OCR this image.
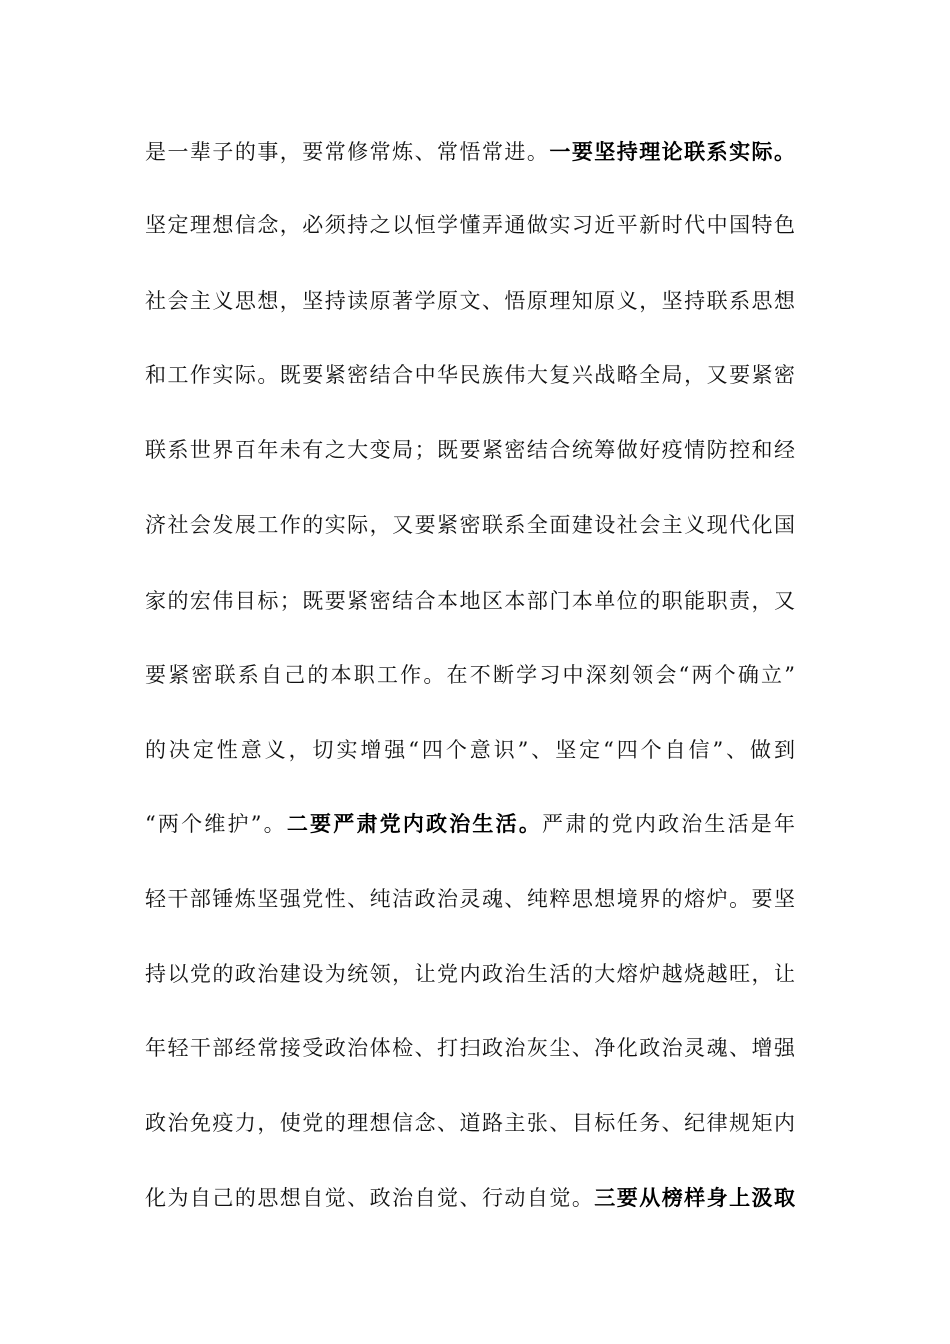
是一辈子的事，要常修常炼、常悟常进。一要坚持理论联系实际。
坚定理想信念，必须持之以恒学懂弄通做实习近平新时代中国特色
社会主义思想，坚持读原著学原文、悟原理知原义，坚持联系思想
和工作实际。既要紧密结合中华民族伟大复兴战略全局，又要紧密
联系世界百年未有之大变局；既要紧密结合统筹做好疫情防控和经
济社会发展工作的实际，又要紧密联系全面建设社会主义现代化国
家的宏伟目标；既要紧密结合本地区本部门本单位的职能职责，又
要紧密联系自己的本职工作。在不断学习中深刻领会“两个确立”
的决定性意义，切实增强“四个意识”、坚定“四个自信”、做到
“两个维护”。二要严肃党内政治生活。严肃的党内政治生活是年
轻干部锤炼坚强党性、纯洁政治灵魂、纯粹思想境界的熔炉。要坚
持以党的政治建设为统领，让党内政治生活的大熔炉越烧越旺，让
年轻干部经常接受政治体检、打扫政治灰尘、净化政治灵魂、增强
政治免疫力，使党的理想信念、道路主张、目标任务、纪律规矩内
化为自己的思想自觉、政治自觉、行动自觉。三要从榜样身上汲取
